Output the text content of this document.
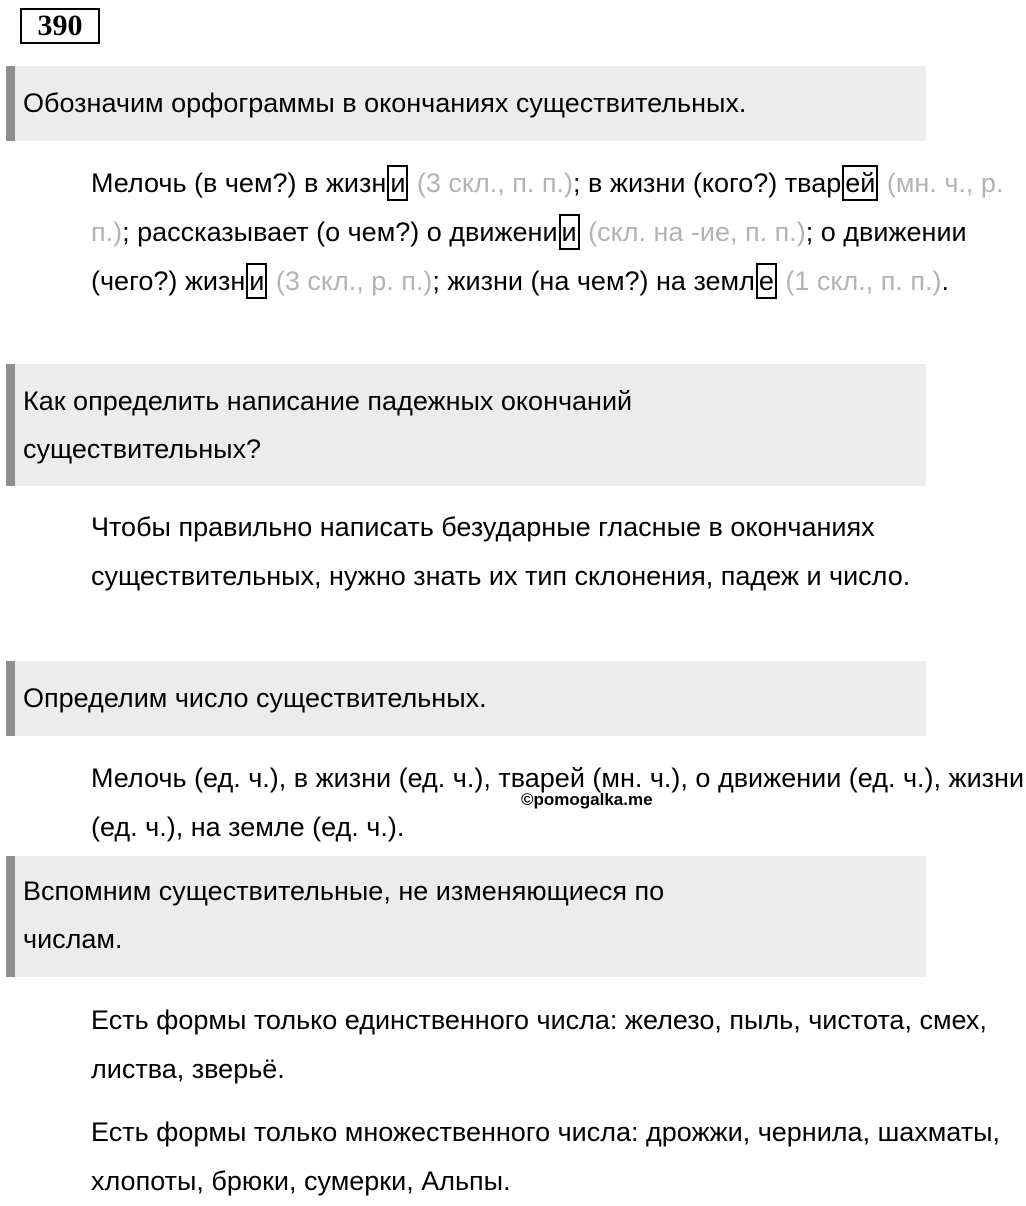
390
Обозначим орфограммы в окончаниях существительных.

Мелочь (в чем?) в жизн и (3 скл., п. п.); в жизни (кого?) твар ей (мн. ч., р. п.); рассказывает (о чем?) о движени и (скл. на -ие, п. п.); о движении (чего?) жизн и (3 скл., р. п.); жизни (на чем?) на земл е (1 скл., п. п.).

Как определить написание падежных окончаний
существительных?

Чтобы правильно написать безударные гласные в окончаниях существительных, нужно знать их тип склонения, падеж и число.

Определим число существительных.

Мелочь (ед. ч.), в жизни (ед. ч.), тварей (мн. ч.), о движении (ед. ч.), жизни (ед. ч.), на земле (ед. ч.).

©pomogalka.me
Вспомним существительные, не изменяющиеся по
числам.

Есть формы только единственного числа: железо, пыль, чистота, смех, листва, зверьё.

Есть формы только множественного числа: дрожжи, чернила, шахматы, хлопоты, брюки, сумерки, Альпы.
